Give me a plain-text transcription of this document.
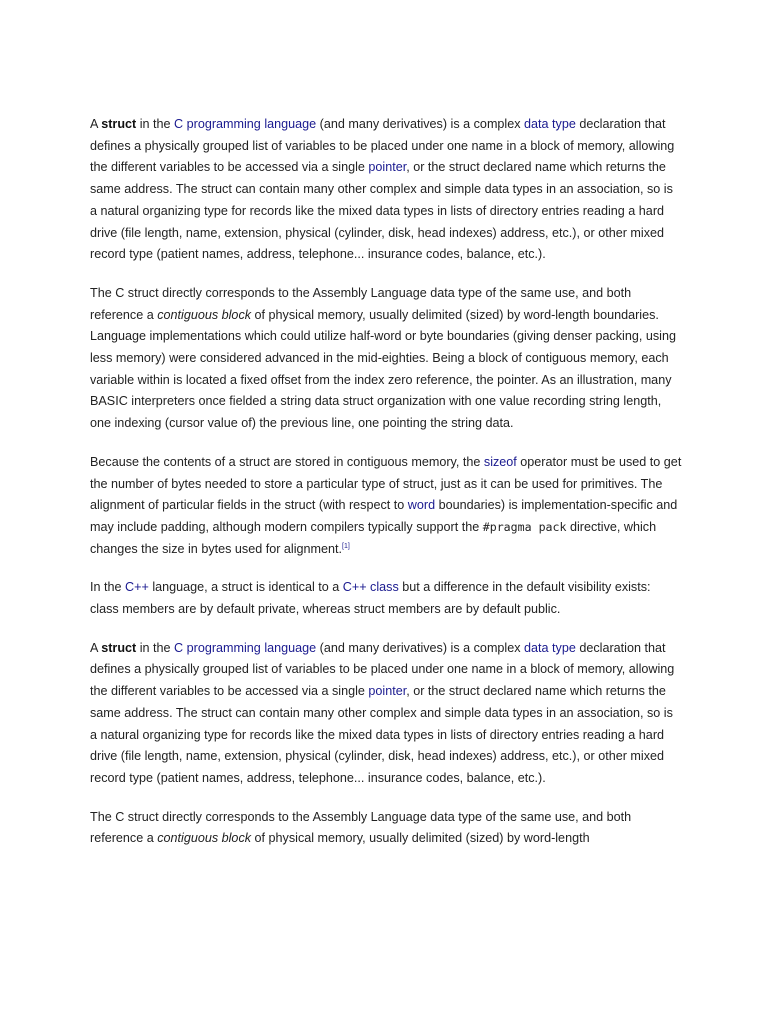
A struct in the C programming language (and many derivatives) is a complex data type declaration that defines a physically grouped list of variables to be placed under one name in a block of memory, allowing the different variables to be accessed via a single pointer, or the struct declared name which returns the same address. The struct can contain many other complex and simple data types in an association, so is a natural organizing type for records like the mixed data types in lists of directory entries reading a hard drive (file length, name, extension, physical (cylinder, disk, head indexes) address, etc.), or other mixed record type (patient names, address, telephone... insurance codes, balance, etc.).

The C struct directly corresponds to the Assembly Language data type of the same use, and both reference a contiguous block of physical memory, usually delimited (sized) by word-length boundaries. Language implementations which could utilize half-word or byte boundaries (giving denser packing, using less memory) were considered advanced in the mid-eighties. Being a block of contiguous memory, each variable within is located a fixed offset from the index zero reference, the pointer. As an illustration, many BASIC interpreters once fielded a string data struct organization with one value recording string length, one indexing (cursor value of) the previous line, one pointing the string data.

Because the contents of a struct are stored in contiguous memory, the sizeof operator must be used to get the number of bytes needed to store a particular type of struct, just as it can be used for primitives. The alignment of particular fields in the struct (with respect to word boundaries) is implementation-specific and may include padding, although modern compilers typically support the #pragma pack directive, which changes the size in bytes used for alignment.[1]

In the C++ language, a struct is identical to a C++ class but a difference in the default visibility exists: class members are by default private, whereas struct members are by default public.

A struct in the C programming language (and many derivatives) is a complex data type declaration that defines a physically grouped list of variables to be placed under one name in a block of memory, allowing the different variables to be accessed via a single pointer, or the struct declared name which returns the same address. The struct can contain many other complex and simple data types in an association, so is a natural organizing type for records like the mixed data types in lists of directory entries reading a hard drive (file length, name, extension, physical (cylinder, disk, head indexes) address, etc.), or other mixed record type (patient names, address, telephone... insurance codes, balance, etc.).

The C struct directly corresponds to the Assembly Language data type of the same use, and both reference a contiguous block of physical memory, usually delimited (sized) by word-length
